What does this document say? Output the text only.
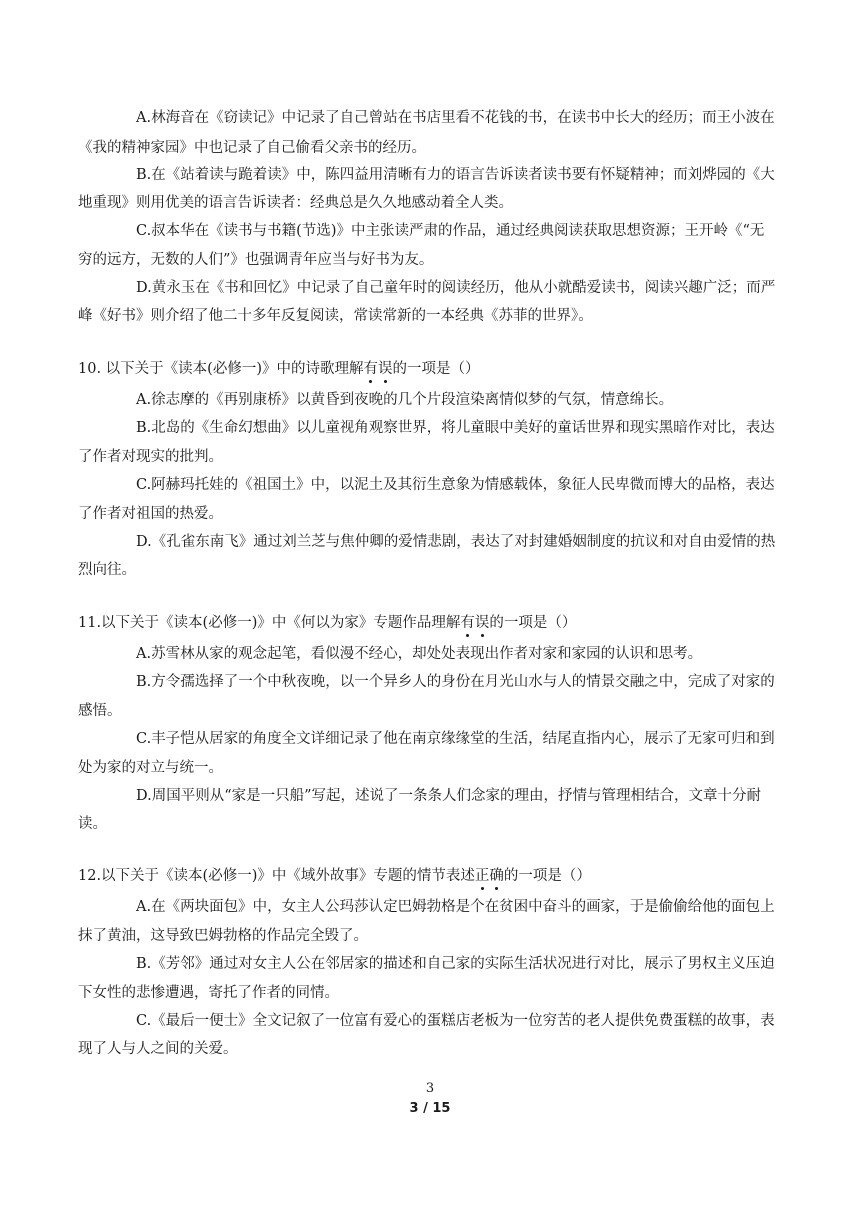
A.林海音在《窃读记》中记录了自己曾站在书店里看不花钱的书，在读书中长大的经历；而王小波在
《我的精神家园》中也记录了自己偷看父亲书的经历。
B.在《站着读与跪着读》中，陈四益用清晰有力的语言告诉读者读书要有怀疑精神；而刘烨园的《大
地重现》则用优美的语言告诉读者：经典总是久久地感动着全人类。
C.叔本华在《读书与书籍(节选)》中主张读严肃的作品，通过经典阅读获取思想资源；王开岭《“无
穷的远方，无数的人们”》也强调青年应当与好书为友。
D.黄永玉在《书和回忆》中记录了自己童年时的阅读经历，他从小就酷爱读书，阅读兴趣广泛；而严
峰《好书》则介绍了他二十多年反复阅读，常读常新的一本经典《苏菲的世界》。
10. 以下关于《读本(必修一)》中的诗歌理解有误的一项是（）
A.徐志摩的《再别康桥》以黄昏到夜晚的几个片段渲染离情似梦的气氛，情意绵长。
B.北岛的《生命幻想曲》以儿童视角观察世界，将儿童眼中美好的童话世界和现实黑暗作对比，表达
了作者对现实的批判。
C.阿赫玛托娃的《祖国土》中，以泥土及其衍生意象为情感载体，象征人民卑微而博大的品格，表达
了作者对祖国的热爱。
D.《孔雀东南飞》通过刘兰芝与焦仲卿的爱情悲剧，表达了对封建婚姻制度的抗议和对自由爱情的热
烈向往。
11.以下关于《读本(必修一)》中《何以为家》专题作品理解有误的一项是（）
A.苏雪林从家的观念起笔，看似漫不经心，却处处表现出作者对家和家园的认识和思考。
B.方令孺选择了一个中秋夜晚，以一个异乡人的身份在月光山水与人的情景交融之中，完成了对家的
感悟。
C.丰子恺从居家的角度全文详细记录了他在南京缘缘堂的生活，结尾直指内心，展示了无家可归和到
处为家的对立与统一。
D.周国平则从“家是一只船”写起，述说了一条条人们念家的理由，抒情与管理相结合，文章十分耐
读。
12.以下关于《读本(必修一)》中《域外故事》专题的情节表述正确的一项是（）
A.在《两块面包》中，女主人公玛莎认定巴姆勃格是个在贫困中奋斗的画家，于是偷偷给他的面包上
抹了黄油，这导致巴姆勃格的作品完全毁了。
B.《芳邻》通过对女主人公在邻居家的描述和自己家的实际生活状况进行对比，展示了男权主义压迫
下女性的悲惨遭遇，寄托了作者的同情。
C.《最后一便士》全文记叙了一位富有爱心的蛋糕店老板为一位穷苦的老人提供免费蛋糕的故事，表
现了人与人之间的关爱。
3
3 / 15
